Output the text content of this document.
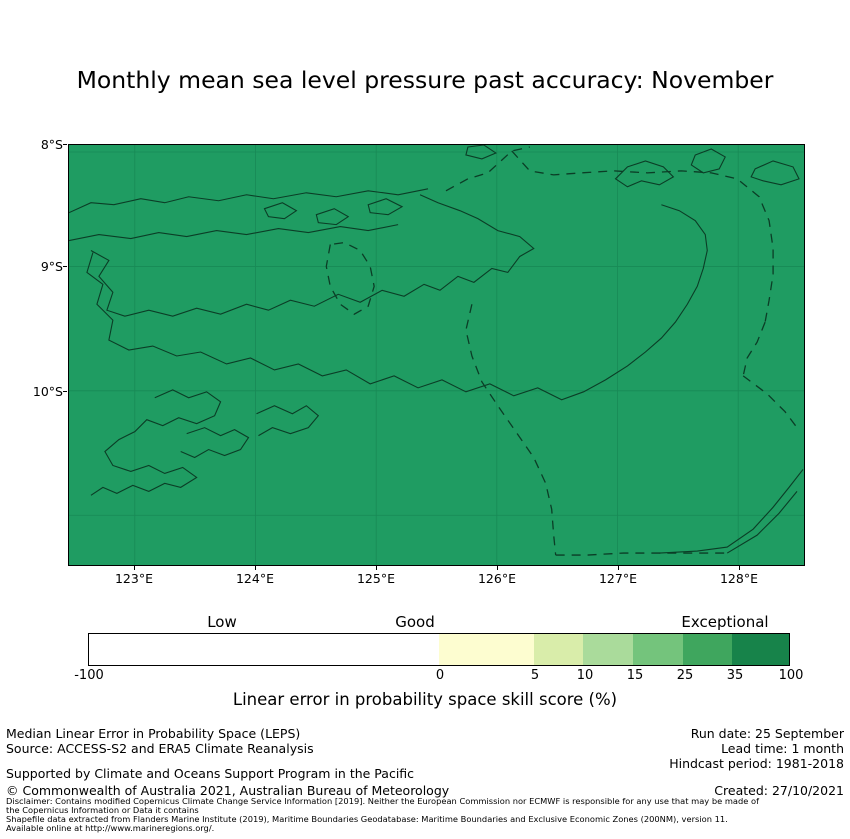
Monthly mean sea level pressure past accuracy: November
8°S
9°S
10°S
123°E	124°E	125°E	126°E	127°E	128°E
Low	Good	Exceptional
-100	0	5	10	15	25	35	100
Linear error in probability space skill score (%)
Median Linear Error in Probability Space (LEPS)
Source: ACCESS-S2 and ERA5 Climate Reanalysis
Run date: 25 September
Lead time: 1 month
Hindcast period: 1981-2018
Supported by Climate and Oceans Support Program in the Pacific
© Commonwealth of Australia 2021, Australian Bureau of Meteorology	Created: 27/10/2021
Disclaimer: Contains modified Copernicus Climate Change Service Information [2019]. Neither the European Commission nor ECMWF is responsible for any use that may be made of
the Copernicus Information or Data it contains
Shapefile data extracted from Flanders Marine Institute (2019), Maritime Boundaries Geodatabase: Maritime Boundaries and Exclusive Economic Zones (200NM), version 11.
Available online at http://www.marineregions.org/.
